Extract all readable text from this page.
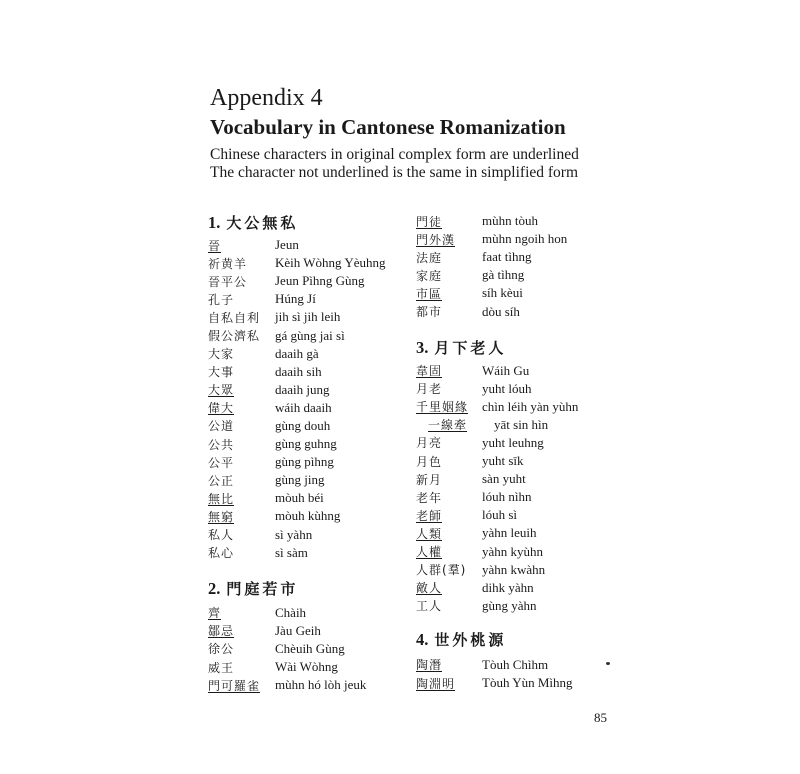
Appendix 4
Vocabulary in Cantonese Romanization
Chinese characters in original complex form are underlined
The character not underlined is the same in simplified form
1. 大公無私
晉	Jeun
祈黄羊	Kèih Wòhng Yèuhng
晉平公	Jeun Pìhng Gùng
孔子	Húng Jí
自私自利	jih sì jih leih
假公濟私	gá gùng jai sì
大家	daaih gà
大事	daaih sih
大眾	daaih jung
偉大	wáih daaih
公道	gùng douh
公共	gùng guhng
公平	gùng pìhng
公正	gùng jing
無比	mòuh béi
無窮	mòuh kùhng
私人	sì yàhn
私心	sì sàm
2. 門庭若市
齊	Chàih
鄒忌	Jàu Geih
徐公	Chèuih Gùng
威王	Wài Wòhng
門可羅雀	mùhn hó lòh jeuk
門徒	mùhn tòuh
門外漢	mùhn ngoih hon
法庭	faat tìhng
家庭	gà tìhng
市區	síh kèui
都市	dòu síh
3. 月下老人
韋固	Wáih Gu
月老	yuht lóuh
千里姻緣	chìn léih yàn yùhn
一線牽	yāt sin hìn
月亮	yuht leuhng
月色	yuht sīk
新月	sàn yuht
老年	lóuh nìhn
老師	lóuh sì
人類	yàhn leuih
人權	yàhn kyùhn
人群(羣)	yàhn kwàhn
敵人	dihk yàhn
工人	gùng yàhn
4. 世外桃源
陶潛	Tòuh Chìhm
陶淵明	Tòuh Yùn Mìhng
85
